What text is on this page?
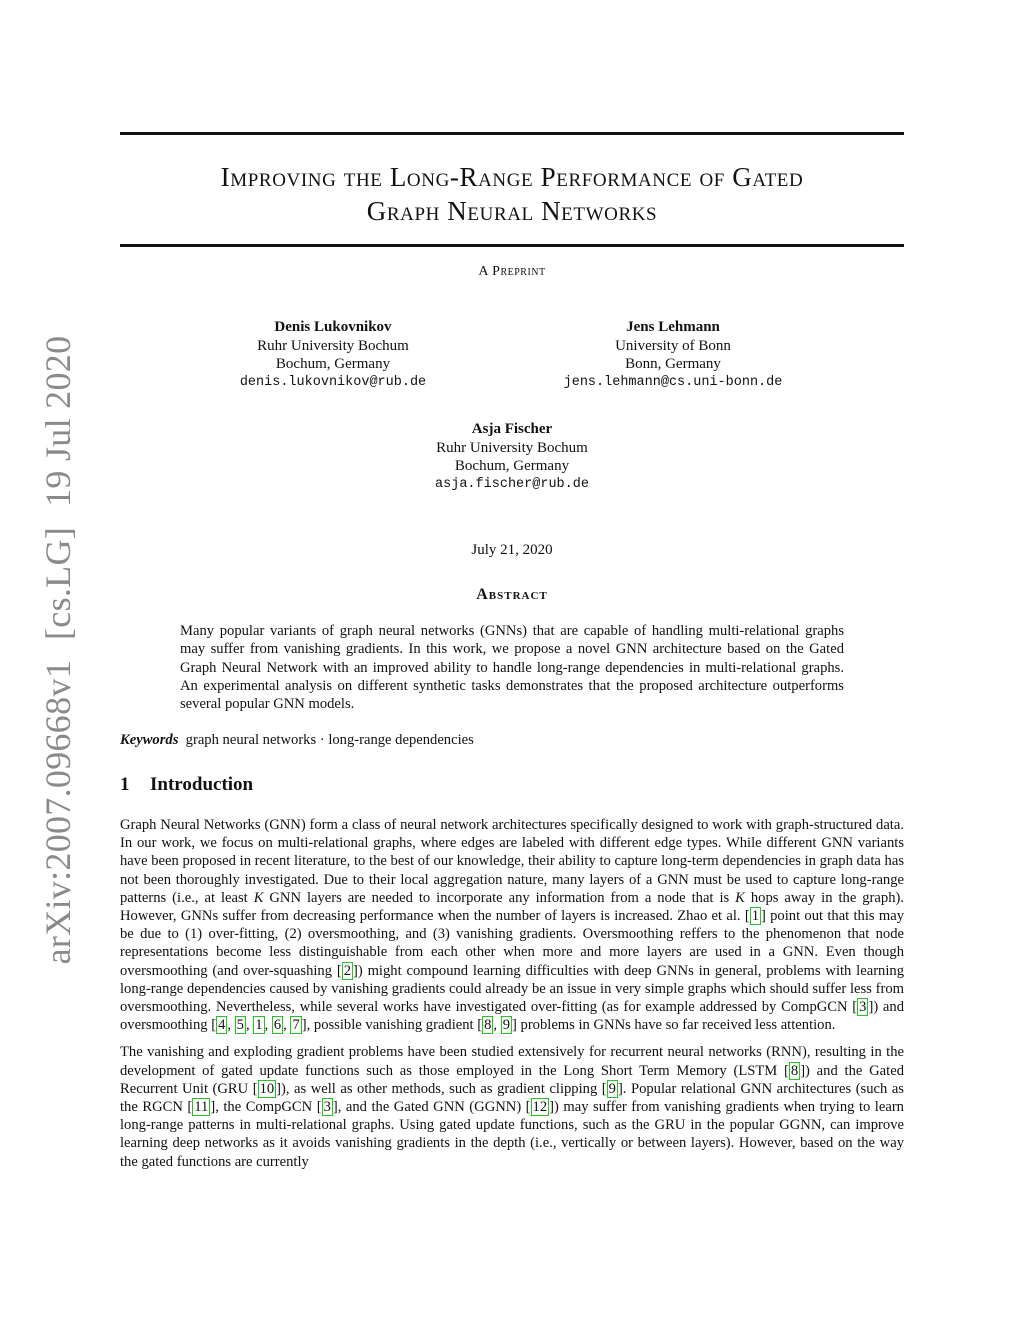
arXiv:2007.09668v1[cs.LG]19 Jul 2020
Improving the Long-Range Performance of Gated
Graph Neural Networks
A Preprint
Denis Lukovnikov
Ruhr University Bochum
Bochum, Germany
denis.lukovnikov@rub.de
Jens Lehmann
University of Bonn
Bonn, Germany
jens.lehmann@cs.uni-bonn.de
Asja Fischer
Ruhr University Bochum
Bochum, Germany
asja.fischer@rub.de
July 21, 2020
Abstract
Many popular variants of graph neural networks (GNNs) that are capable of handling multi-relational graphs may suffer from vanishing gradients. In this work, we propose a novel GNN architecture based on the Gated Graph Neural Network with an improved ability to handle long-range dependencies in multi-relational graphs. An experimental analysis on different synthetic tasks demonstrates that the proposed architecture outperforms several popular GNN models.
Keywords graph neural networks · long-range dependencies
1 Introduction

Graph Neural Networks (GNN) form a class of neural network architectures specifically designed to work with graph-structured data. In our work, we focus on multi-relational graphs, where edges are labeled with different edge types. While different GNN variants have been proposed in recent literature, to the best of our knowledge, their ability to capture long-term dependencies in graph data has not been thoroughly investigated. Due to their local aggregation nature, many layers of a GNN must be used to capture long-range patterns (i.e., at least K GNN layers are needed to incorporate any information from a node that is K hops away in the graph). However, GNNs suffer from decreasing performance when the number of layers is increased. Zhao et al. [ 1 ] point out that this may be due to (1) over-fitting, (2) oversmoothing, and (3) vanishing gradients. Oversmoothing reffers to the phenomenon that node representations become less distinguishable from each other when more and more layers are used in a GNN. Even though oversmoothing (and over-squashing [ 2 ]) might compound learning difficulties with deep GNNs in general, problems with learning long-range dependencies caused by vanishing gradients could already be an issue in very simple graphs which should suffer less from oversmoothing. Nevertheless, while several works have investigated over-fitting (as for example addressed by CompGCN [ 3 ]) and oversmoothing [ 4 , 5 , 1 , 6 , 7 ], possible vanishing gradient [ 8 , 9 ] problems in GNNs have so far received less attention.

The vanishing and exploding gradient problems have been studied extensively for recurrent neural networks (RNN), resulting in the development of gated update functions such as those employed in the Long Short Term Memory (LSTM [ 8 ]) and the Gated Recurrent Unit (GRU [ 10 ]), as well as other methods, such as gradient clipping [ 9 ]. Popular relational GNN architectures (such as the RGCN [ 11 ], the CompGCN [ 3 ], and the Gated GNN (GGNN) [ 12 ]) may suffer from vanishing gradients when trying to learn long-range patterns in multi-relational graphs. Using gated update functions, such as the GRU in the popular GGNN, can improve learning deep networks as it avoids vanishing gradients in the depth (i.e., vertically or between layers). However, based on the way the gated functions are currently
